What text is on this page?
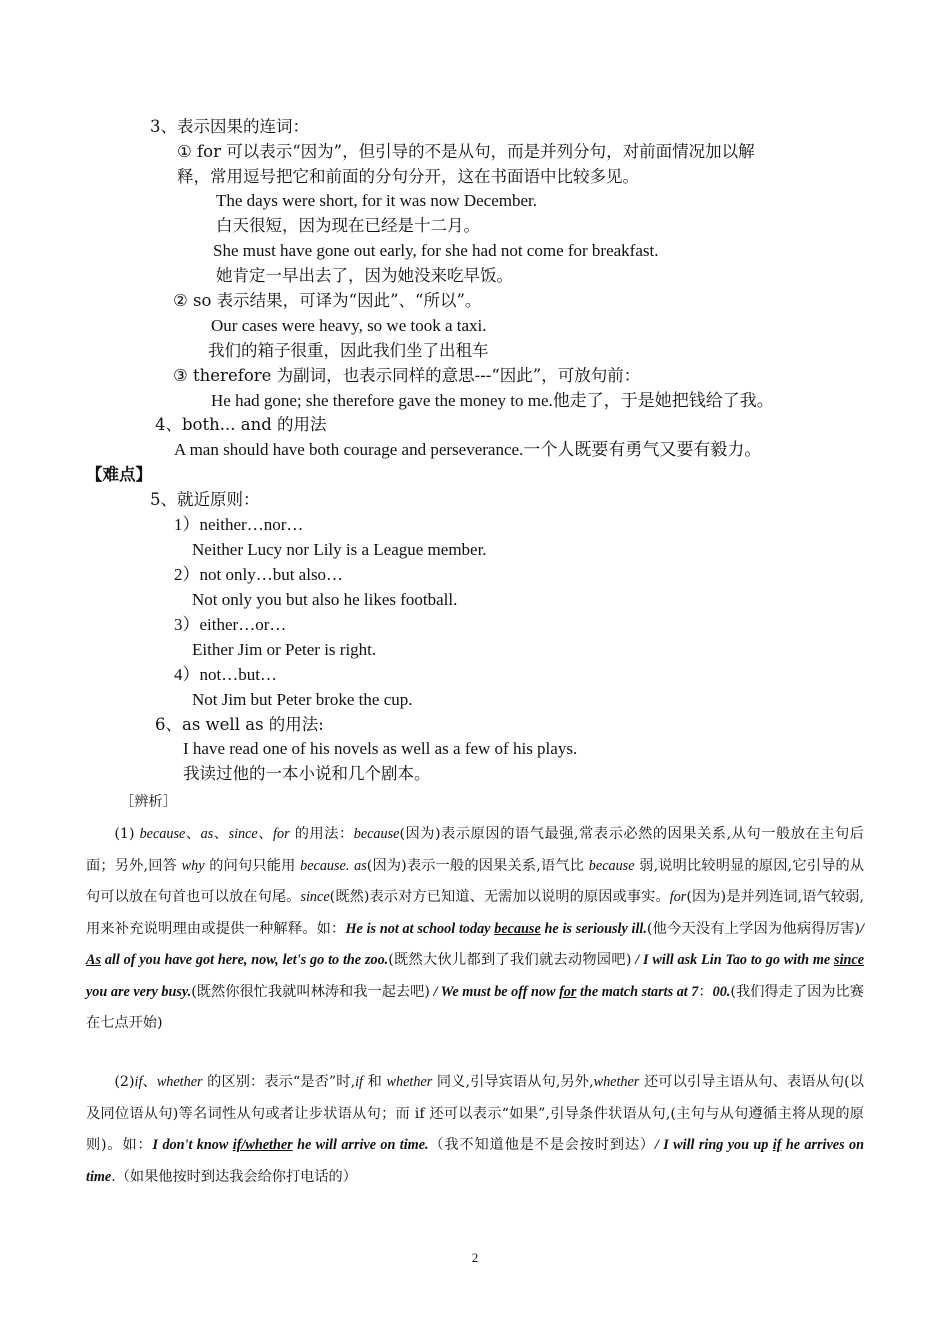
3、表示因果的连词：
① for 可以表示“因为”，但引导的不是从句，而是并列分句，对前面情况加以解
释，常用逗号把它和前面的分句分开，这在书面语中比较多见。
The days were short, for it was now December.
白天很短，因为现在已经是十二月。
She must have gone out early, for she had not come for breakfast.
她肯定一早出去了，因为她没来吃早饭。
② so 表示结果，可译为“因此”、“所以”。
Our cases were heavy, so we took a taxi.
我们的箱子很重，因此我们坐了出租车
③ therefore 为副词，也表示同样的意思---“因此”，可放句前：
He had gone; she therefore gave the money to me.他走了，于是她把钱给了我。
4、both... and 的用法
A man should have both courage and perseverance.一个人既要有勇气又要有毅力。
【难点】
5、就近原则：
1）neither…nor…
Neither Lucy nor Lily is a League member.
2）not only…but also…
Not only you but also he likes football.
3）either…or…
Either Jim or Peter is right.
4）not…but…
Not Jim but Peter broke the cup.
6、as well as 的用法:
I have read one of his novels as well as a few of his plays.
我读过他的一本小说和几个剧本。
［辨析］
(1) because、as、since、for 的用法：because(因为)表示原因的语气最强,常表示必然的因果关系,从句一般放在主句后面；另外,回答 why 的问句只能用 because. as(因为)表示一般的因果关系,语气比 because 弱,说明比较明显的原因,它引导的从句可以放在句首也可以放在句尾。since(既然)表示对方已知道、无需加以说明的原因或事实。for(因为)是并列连词,语气较弱,用来补充说明理由或提供一种解释。如：He is not at school today because he is seriously ill.(他今天没有上学因为他病得厉害)/ As all of you have got here, now, let's go to the zoo.(既然大伙儿都到了我们就去动物园吧) / I will ask Lin Tao to go with me since you are very busy.(既然你很忙我就叫林涛和我一起去吧) / We must be off now for the match starts at 7：00.(我们得走了因为比赛在七点开始)
(2)if、whether 的区别：表示“是否”时,if 和 whether 同义,引导宾语从句,另外,whether 还可以引导主语从句、表语从句(以及同位语从句)等名词性从句或者让步状语从句；而 if 还可以表示“如果”,引导条件状语从句,(主句与从句遵循主将从现的原则)。如：I don't know if/whether he will arrive on time.（我不知道他是不是会按时到达）/ I will ring you up if he arrives on time.（如果他按时到达我会给你打电话的）
2
